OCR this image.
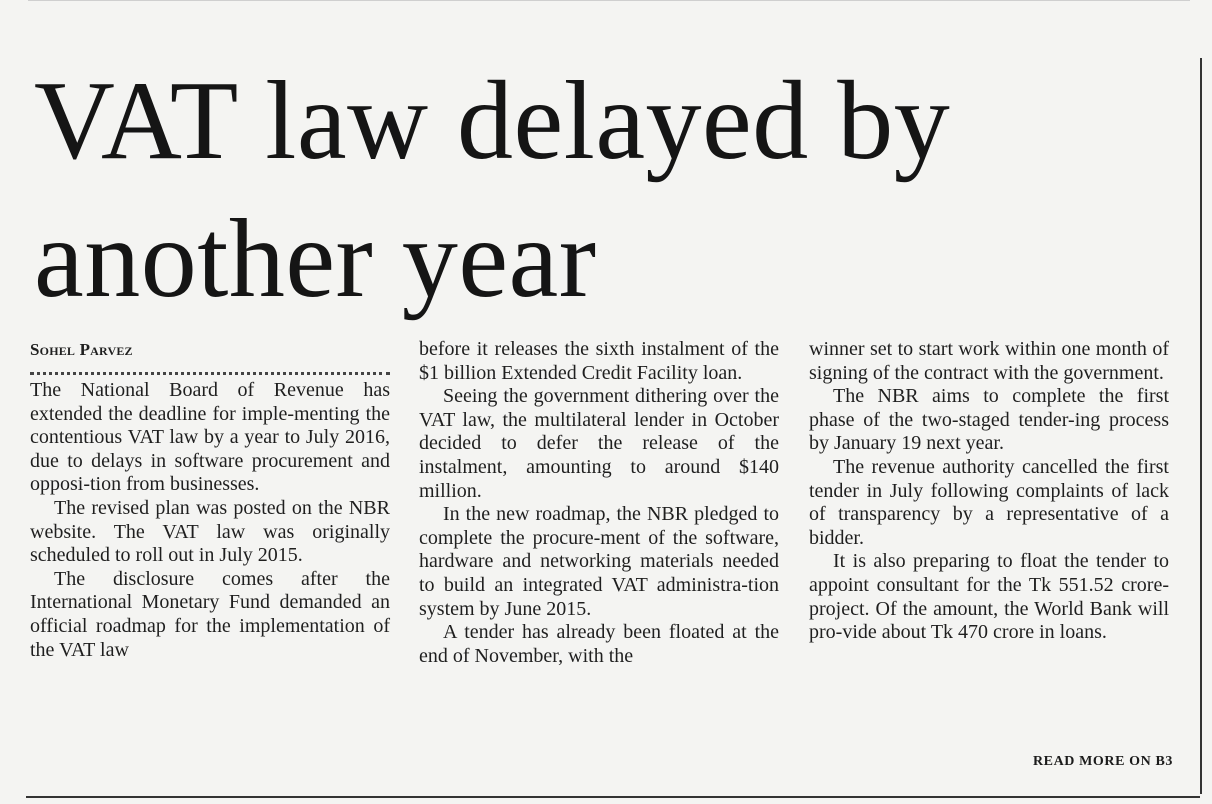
VAT law delayed by another year
Sohel Parvez

The National Board of Revenue has extended the deadline for imple-menting the contentious VAT law by a year to July 2016, due to delays in software procurement and opposi-tion from businesses.

The revised plan was posted on the NBR website. The VAT law was originally scheduled to roll out in July 2015.

The disclosure comes after the International Monetary Fund demanded an official roadmap for the implementation of the VAT law

before it releases the sixth instalment of the $1 billion Extended Credit Facility loan.

Seeing the government dithering over the VAT law, the multilateral lender in October decided to defer the release of the instalment, amounting to around $140 million.

In the new roadmap, the NBR pledged to complete the procure-ment of the software, hardware and networking materials needed to build an integrated VAT administra-tion system by June 2015.

A tender has already been floated at the end of November, with the

winner set to start work within one month of signing of the contract with the government.

The NBR aims to complete the first phase of the two-staged tender-ing process by January 19 next year.

The revenue authority cancelled the first tender in July following complaints of lack of transparency by a representative of a bidder.

It is also preparing to float the tender to appoint consultant for the Tk 551.52 crore-project. Of the amount, the World Bank will pro-vide about Tk 470 crore in loans.

READ MORE ON B3
